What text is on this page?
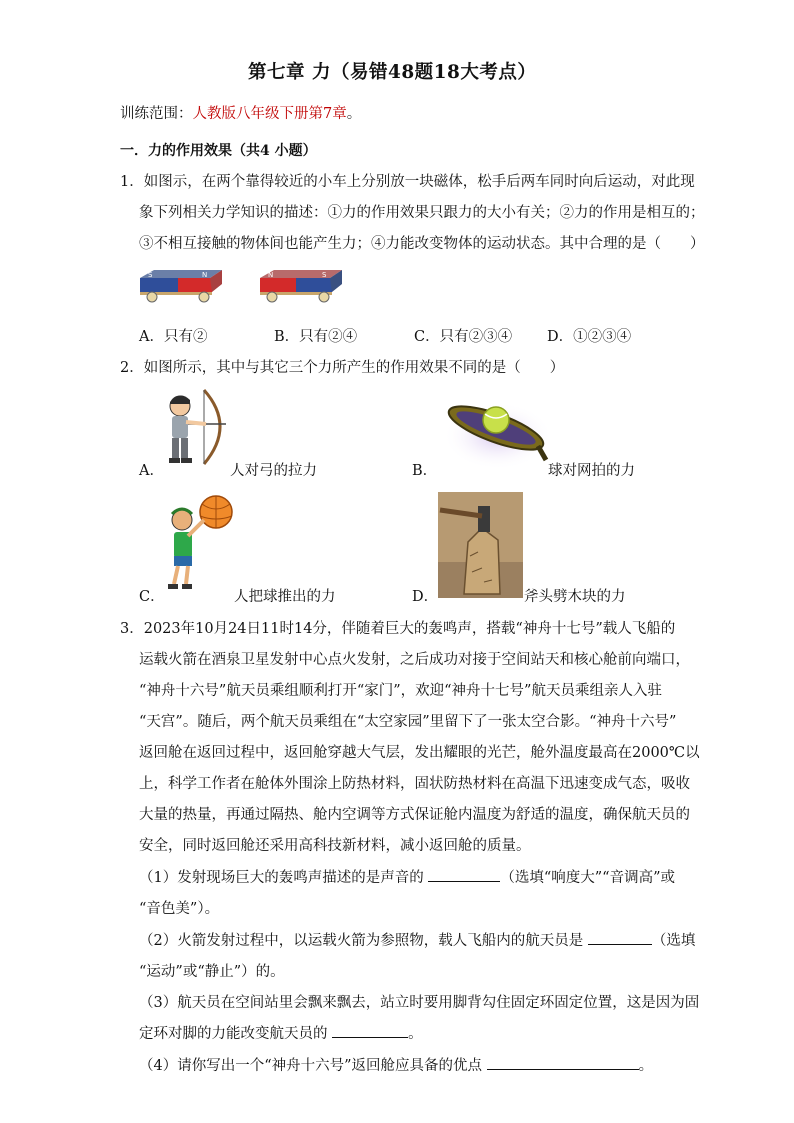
第七章 力（易错48题18大考点）
训练范围：人教版八年级下册第7章。
一．力的作用效果（共4 小题）
1．如图示，在两个靠得较近的小车上分别放一块磁体，松手后两车同时向后运动，对此现
象下列相关力学知识的描述：①力的作用效果只跟力的大小有关；②力的作用是相互的；
③不相互接触的物体间也能产生力；④力能改变物体的运动状态。其中合理的是（　　）
S	N	N	S
A．只有②	B．只有②④	C．只有②③④ D．①②③④
2．如图所示，其中与其它三个力所产生的作用效果不同的是（　　）
A．	人对弓的拉力	B．	球对网拍的力
C．	人把球推出的力	D．	斧头劈木块的力
3．2023年10月24日11时14分，伴随着巨大的轰鸣声，搭载“神舟十七号”载人飞船的
运载火箭在酒泉卫星发射中心点火发射，之后成功对接于空间站天和核心舱前向端口，
“神舟十六号”航天员乘组顺利打开“家门”，欢迎“神舟十七号”航天员乘组亲人入驻
“天宫”。随后，两个航天员乘组在“太空家园”里留下了一张太空合影。“神舟十六号”
返回舱在返回过程中，返回舱穿越大气层，发出耀眼的光芒，舱外温度最高在2000℃以
上，科学工作者在舱体外围涂上防热材料，固状防热材料在高温下迅速变成气态，吸收
大量的热量，再通过隔热、舱内空调等方式保证舱内温度为舒适的温度，确保航天员的
安全，同时返回舱还采用高科技新材料，减小返回舱的质量。
（1）发射现场巨大的轰鸣声描述的是声音的	（选填“响度大”“音调高”或
“音色美”）。
（2）火箭发射过程中，以运载火箭为参照物，载人飞船内的航天员是	（选填
“运动”或“静止”）的。
（3）航天员在空间站里会飘来飘去，站立时要用脚背勾住固定环固定位置，这是因为固
定环对脚的力能改变航天员的	。
（4）请你写出一个“神舟十六号”返回舱应具备的优点	。
